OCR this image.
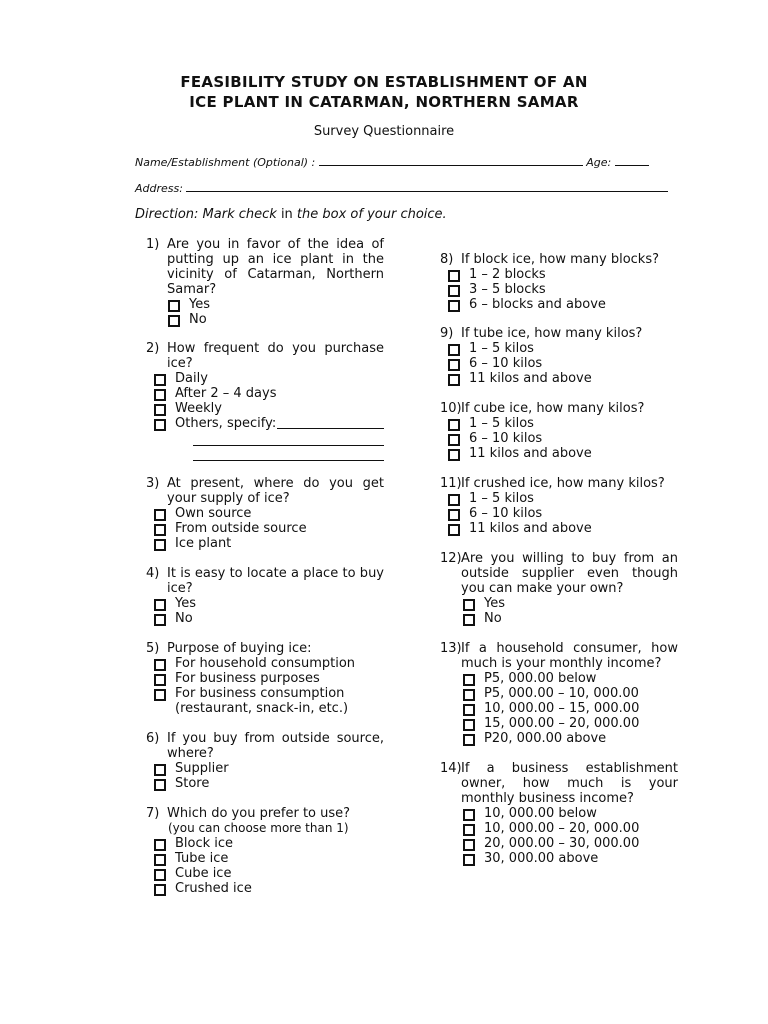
FEASIBILITY STUDY ON ESTABLISHMENT OF AN
ICE PLANT IN CATARMAN, NORTHERN SAMAR
Survey Questionnaire
Name/Establishment (Optional) :	Age:
Address:
Direction: Mark check in the box of your choice.
1) Are you in favor of the idea of putting up an ice plant in the vicinity of Catarman, Northern Samar?
Yes
No
2) How frequent do you purchase ice?
Daily
After 2 – 4 days
Weekly
Others, specify:
3) At present, where do you get your supply of ice?
Own source
From outside source
Ice plant
4) It is easy to locate a place to buy ice?
Yes
No
5) Purpose of buying ice:
For household consumption
For business purposes
For business consumption (restaurant, snack-in, etc.)
6) If you buy from outside source, where?
Supplier
Store
7) Which do you prefer to use?
(you can choose more than 1)
Block ice
Tube ice
Cube ice
Crushed ice
8) If block ice, how many blocks?
1 – 2 blocks
3 – 5 blocks
6 – blocks and above
9) If tube ice, how many kilos?
1 – 5 kilos
6 – 10 kilos
11 kilos and above
10) If cube ice, how many kilos?
1 – 5 kilos
6 – 10 kilos
11 kilos and above
11) If crushed ice, how many kilos?
1 – 5 kilos
6 – 10 kilos
11 kilos and above
12) Are you willing to buy from an outside supplier even though you can make your own?
Yes
No
13) If a household consumer, how much is your monthly income?
P5, 000.00 below
P5, 000.00 – 10, 000.00
10, 000.00 – 15, 000.00
15, 000.00 – 20, 000.00
P20, 000.00 above
14) If a business establishment owner, how much is your monthly business income?
10, 000.00 below
10, 000.00 – 20, 000.00
20, 000.00 – 30, 000.00
30, 000.00 above
